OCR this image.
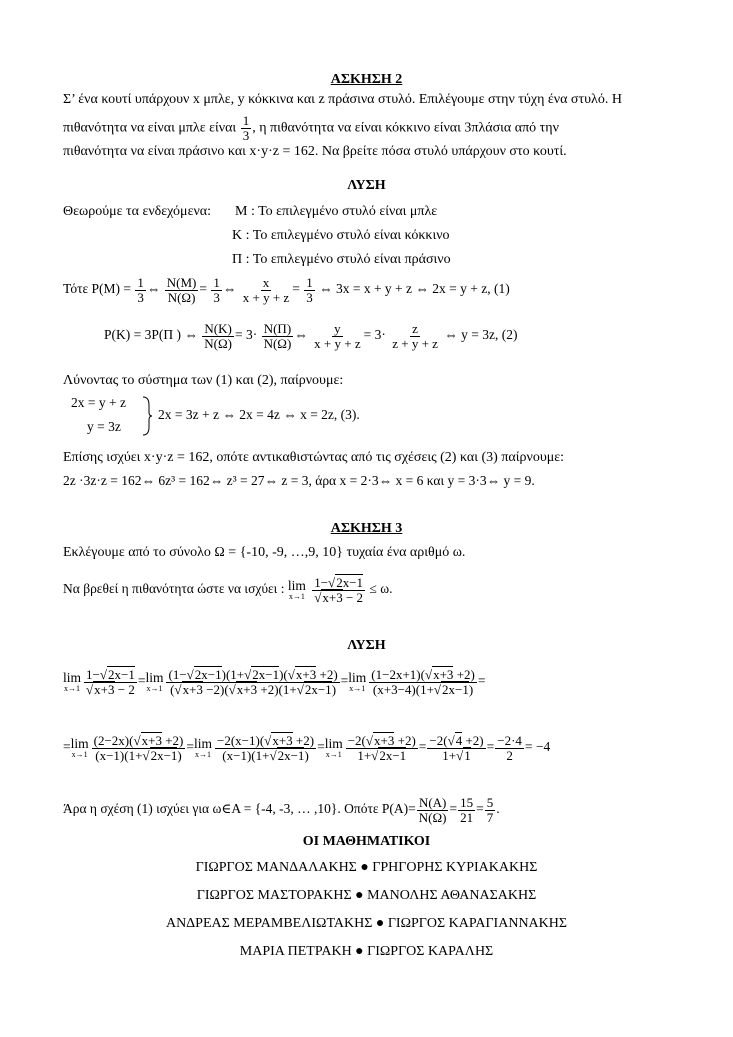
ΑΣΚΗΣΗ 2
Σ’ ένα κουτί υπάρχουν x μπλε, y κόκκινα και z πράσινα στυλό. Επιλέγουμε στην τύχη ένα στυλό. Η
πιθανότητα να είναι μπλε είναι $\frac{1}{3}$ , η πιθανότητα να είναι κόκκινο είναι 3πλάσια από την
πιθανότητα να είναι πράσινο και x·y·z = 162. Να βρείτε πόσα στυλό υπάρχουν στο κουτί.
ΛΥΣΗ
Θεωρούμε τα ενδεχόμενα: Μ : Το επιλεγμένο στυλό είναι μπλε
Κ : Το επιλεγμένο στυλό είναι κόκκινο
Π : Το επιλεγμένο στυλό είναι πράσινο
Τότε $P(M) = \frac{1}{3}$ ⇔ $\frac{N(M)}{N(\Omega)} = \frac{1}{3}$ ⇔ $\frac{x}{x + y + z} = \frac{1}{3}$ ⇔ 3x = x + y + z ⇔ 2x = y + z, (1)
P(K) = 3P(Π ) ⇔ $\frac{N(K)}{N(\Omega)} = 3\cdot \frac{N(\Pi)}{N(\Omega)}$ ⇔ $\frac{y}{x + y + z} = 3\cdot \frac{z}{z + y + z}$ ⇔ y = 3z, (2)
Λύνοντας το σύστημα των (1) και (2), παίρνουμε:
2x = y + z
y = 3z
2x = 3z + z ⇔ 2x = 4z ⇔ x = 2z, (3).
Επίσης ισχύει x·y·z = 162, οπότε αντικαθιστώντας από τις σχέσεις (2) και (3) παίρνουμε:
2z ·3z·z = 162⇔ 6z³ = 162⇔ z³ = 27⇔ z = 3, άρα x = 2·3⇔ x = 6 και y = 3·3⇔ y = 9.
ΑΣΚΗΣΗ 3
Εκλέγουμε από το σύνολο Ω = {-10, -9, …,9, 10} τυχαία ένα αριθμό ω.
Να βρεθεί η πιθανότητα ώστε να ισχύει : lim
x→1
$\frac{1-√2x-1}{√x+3 - 2} \le \omega$.
ΛΥΣΗ
lim
$x\to 1 \frac{1-√2x-1}{√x+3 - 2} = \lim$
$x\to 1 \frac{(1-√2x-1)(1+√2x-1)(√x+3 +2)}{(√x+3 -2)(√x+3 +2)(1+√2x-1)} = \lim$
$x\to 1 \frac{(1-2x+1)(√x+3 +2)}{(x+3-4)(1+√2x-1)}$ =
= lim
$x\to 1 \frac{(2-2x)(√x+3 +2)}{(x-1)(1+√2x-1)} = \lim$
$x\to 1 \frac{-2(x-1)(√x+3 +2)}{(x-1)(1+√2x-1)} = \lim$
$x\to 1 \frac{-2(√x+3 +2)}{1+√2x-1} = \frac{-2(√4 +2)}{1+√1} = \frac{-2\cdot 4}{2} = -4$
Άρα η σχέση (1) ισχύει για ω∈A = {-4, -3, … ,10}. Οπότε $P(A)= \frac{N(A)}{N(\Omega)} = \frac{15}{21} = \frac{5}{7}$ .
ΟΙ ΜΑΘΗΜΑΤΙΚΟΙ
ΓΙΩΡΓΟΣ ΜΑΝΔΑΛΑΚΗΣ ● ΓΡΗΓΟΡΗΣ ΚΥΡΙΑΚΑΚΗΣ
ΓΙΩΡΓΟΣ ΜΑΣΤΟΡΑΚΗΣ ● ΜΑΝΟΛΗΣ ΑΘΑΝΑΣΑΚΗΣ
ΑΝΔΡΕΑΣ ΜΕΡΑΜΒΕΛΙΩΤΑΚΗΣ ● ΓΙΩΡΓΟΣ ΚΑΡΑΓΙΑΝΝΑΚΗΣ
ΜΑΡΙΑ ΠΕΤΡΑΚΗ ● ΓΙΩΡΓΟΣ ΚΑΡΑΛΗΣ
